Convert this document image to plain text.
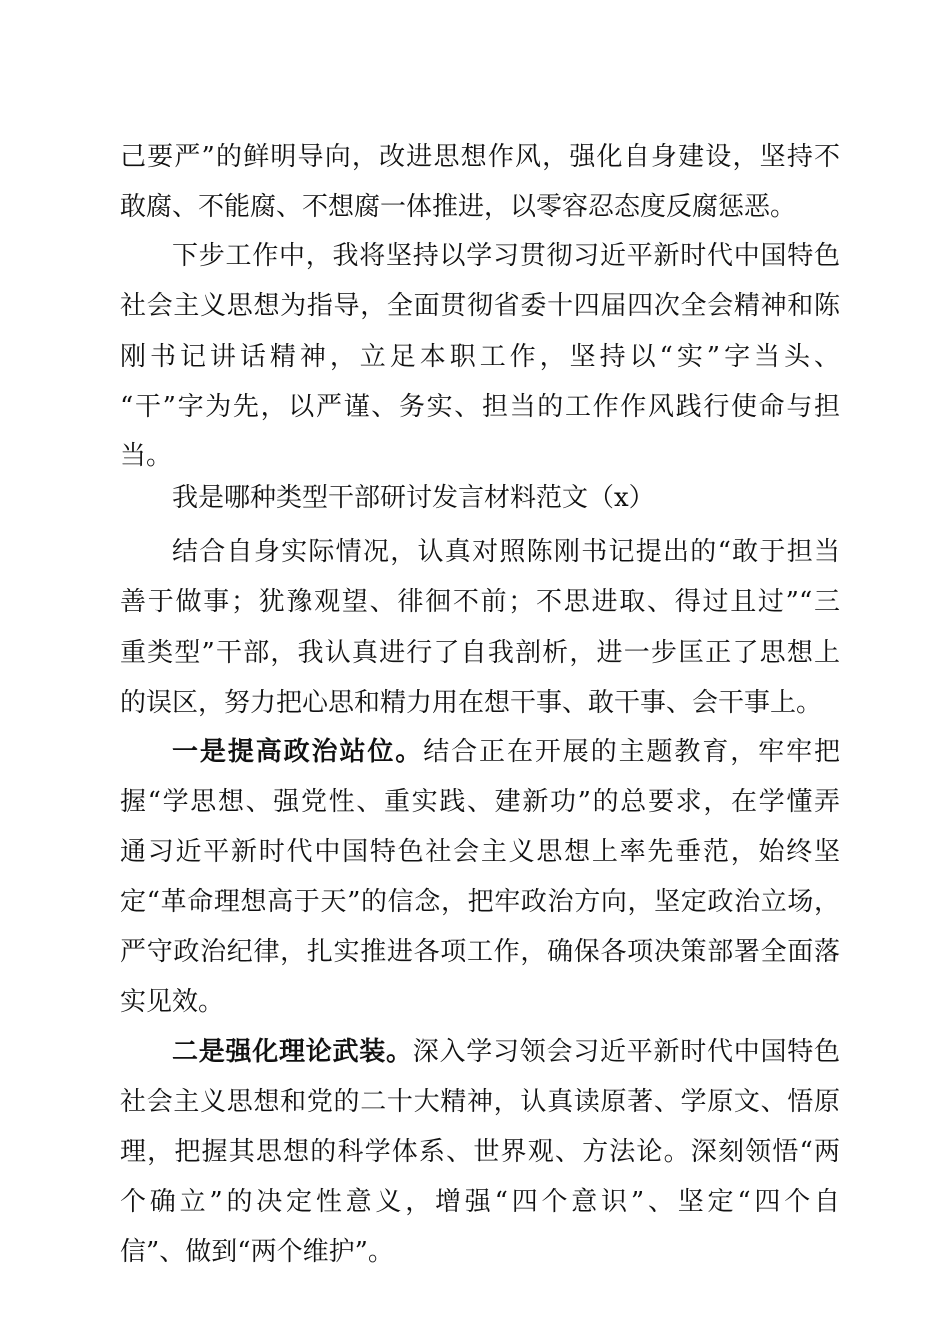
己要严”的鲜明导向，改进思想作风，强化自身建设，坚持不
敢腐、不能腐、不想腐一体推进，以零容忍态度反腐惩恶。
下步工作中，我将坚持以学习贯彻习近平新时代中国特色
社会主义思想为指导，全面贯彻省委十四届四次全会精神和陈
刚书记讲话精神，立足本职工作，坚持以“实”字当头、
“干”字为先，以严谨、务实、担当的工作作风践行使命与担
当。
我是哪种类型干部研讨发言材料范文（x）
结合自身实际情况，认真对照陈刚书记提出的“敢于担当
善于做事；犹豫观望、徘徊不前；不思进取、得过且过”“三
重类型”干部，我认真进行了自我剖析，进一步匡正了思想上
的误区，努力把心思和精力用在想干事、敢干事、会干事上。
一是提高政治站位。结合正在开展的主题教育，牢牢把
握“学思想、强党性、重实践、建新功”的总要求，在学懂弄
通习近平新时代中国特色社会主义思想上率先垂范，始终坚
定“革命理想高于天”的信念，把牢政治方向，坚定政治立场，
严守政治纪律，扎实推进各项工作，确保各项决策部署全面落
实见效。
二是强化理论武装。深入学习领会习近平新时代中国特色
社会主义思想和党的二十大精神，认真读原著、学原文、悟原
理，把握其思想的科学体系、世界观、方法论。深刻领悟“两
个确立”的决定性意义，增强“四个意识”、坚定“四个自
信”、做到“两个维护”。
